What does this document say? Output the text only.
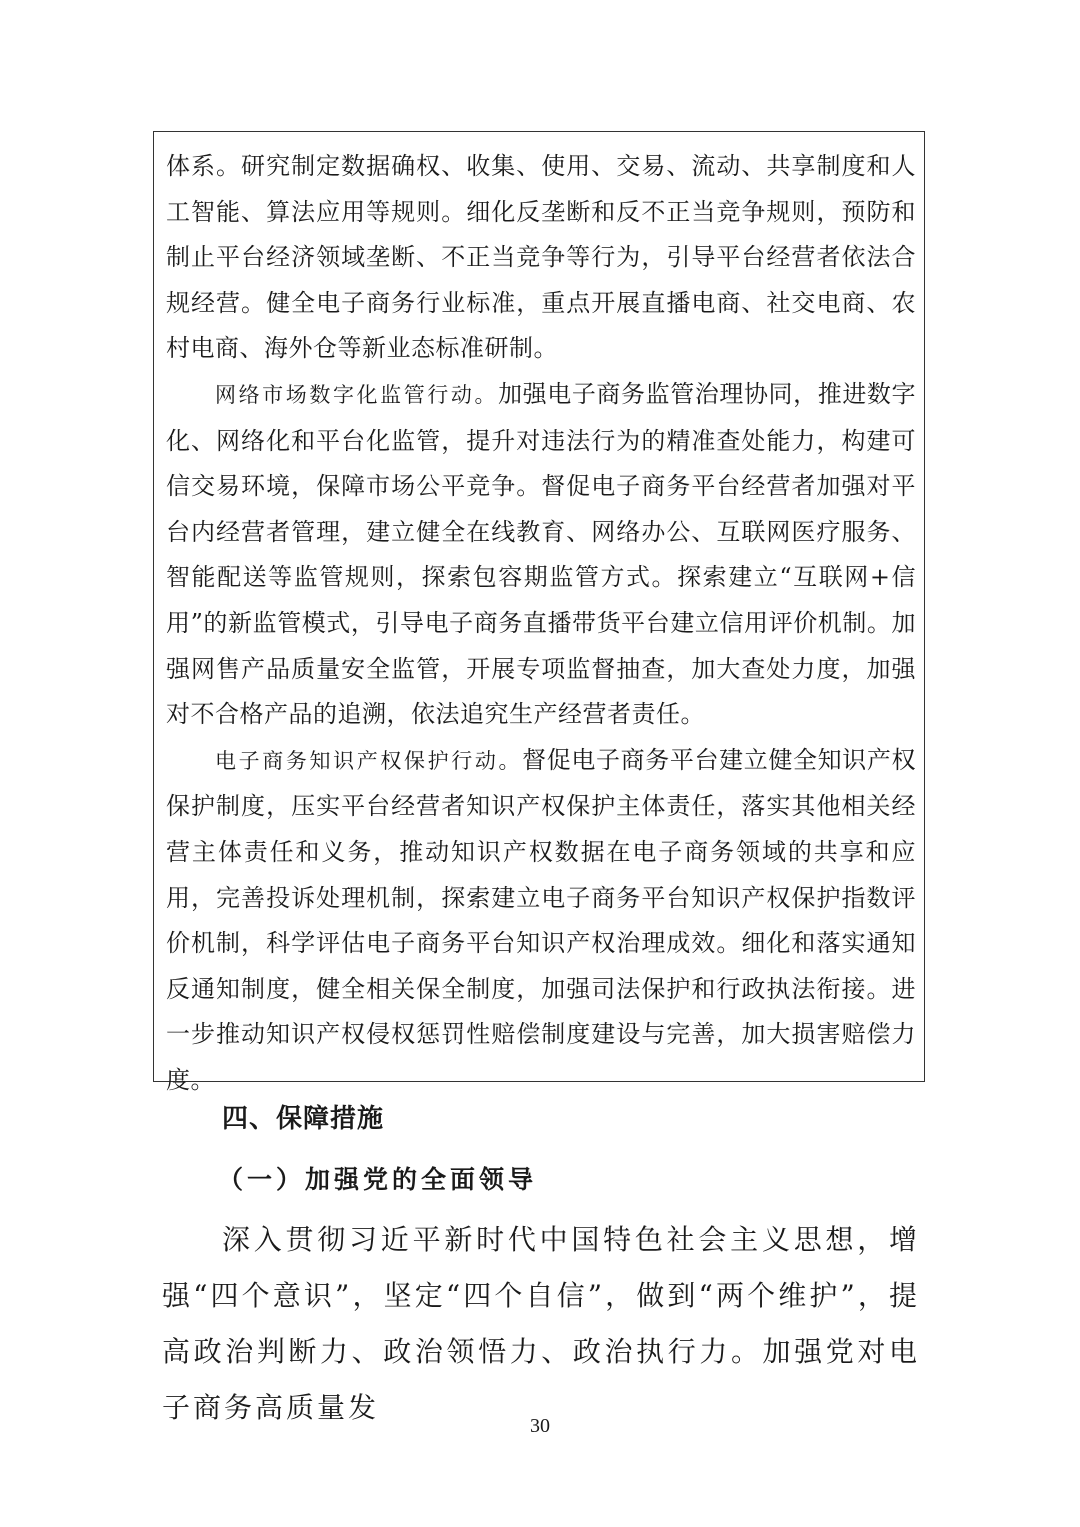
体系。研究制定数据确权、收集、使用、交易、流动、共享制度和人工智能、算法应用等规则。细化反垄断和反不正当竞争规则，预防和制止平台经济领域垄断、不正当竞争等行为，引导平台经营者依法合规经营。健全电子商务行业标准，重点开展直播电商、社交电商、农村电商、海外仓等新业态标准研制。

网络市场数字化监管行动。加强电子商务监管治理协同，推进数字化、网络化和平台化监管，提升对违法行为的精准查处能力，构建可信交易环境，保障市场公平竞争。督促电子商务平台经营者加强对平台内经营者管理，建立健全在线教育、网络办公、互联网医疗服务、智能配送等监管规则，探索包容期监管方式。探索建立“互联网+信用”的新监管模式，引导电子商务直播带货平台建立信用评价机制。加强网售产品质量安全监管，开展专项监督抽查，加大查处力度，加强对不合格产品的追溯，依法追究生产经营者责任。

电子商务知识产权保护行动。督促电子商务平台建立健全知识产权保护制度，压实平台经营者知识产权保护主体责任，落实其他相关经营主体责任和义务，推动知识产权数据在电子商务领域的共享和应用，完善投诉处理机制，探索建立电子商务平台知识产权保护指数评价机制，科学评估电子商务平台知识产权治理成效。细化和落实通知反通知制度，健全相关保全制度，加强司法保护和行政执法衔接。进一步推动知识产权侵权惩罚性赔偿制度建设与完善，加大损害赔偿力度。

四、保障措施
（一）加强党的全面领导

深入贯彻习近平新时代中国特色社会主义思想，增强“四个意识”，坚定“四个自信”，做到“两个维护”，提高政治判断力、政治领悟力、政治执行力。加强党对电子商务高质量发

30
